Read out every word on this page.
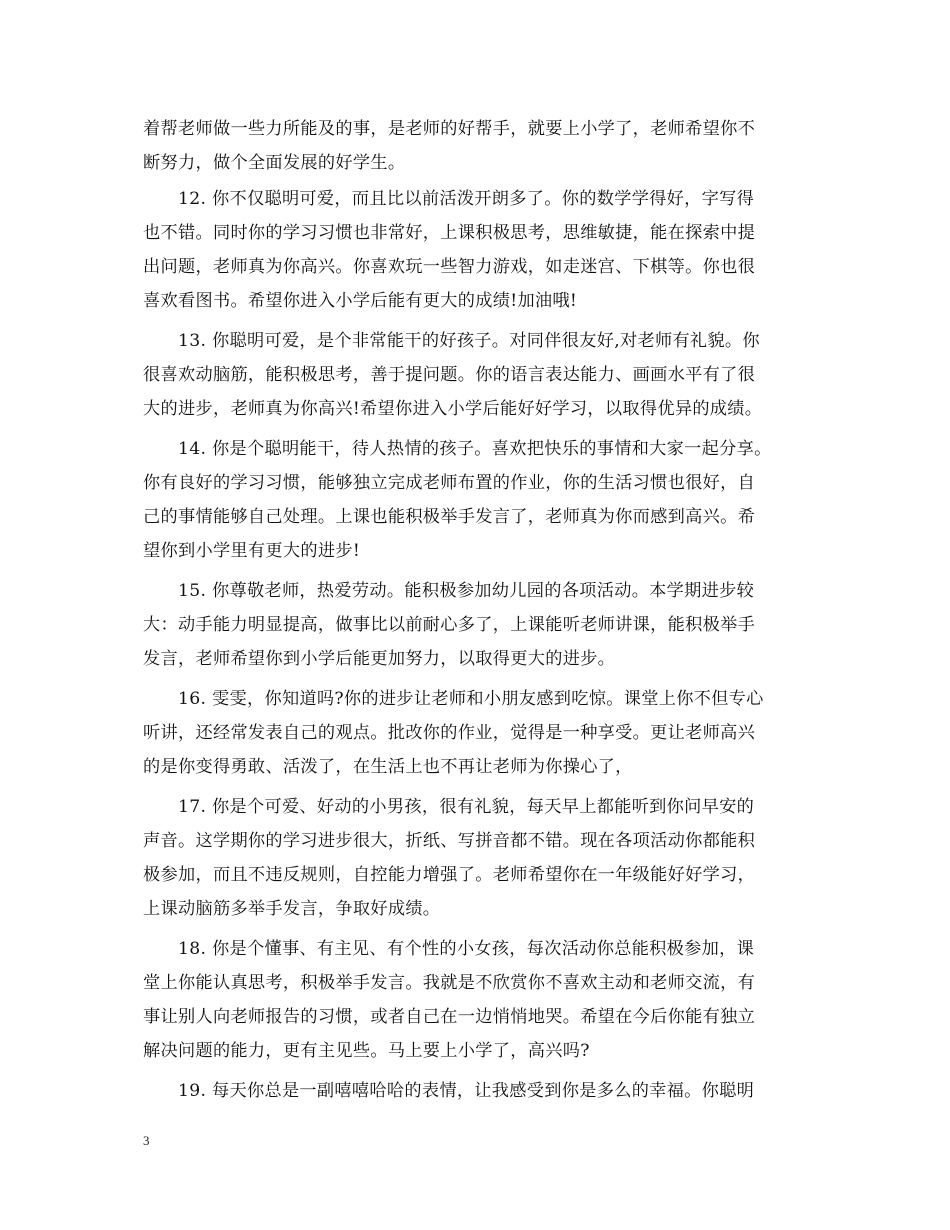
着帮老师做一些力所能及的事，是老师的好帮手，就要上小学了，老师希望你不
断努力，做个全面发展的好学生。
12. 你不仅聪明可爱，而且比以前活泼开朗多了。你的数学学得好，字写得
也不错。同时你的学习习惯也非常好，上课积极思考，思维敏捷，能在探索中提
出问题，老师真为你高兴。你喜欢玩一些智力游戏，如走迷宫、下棋等。你也很
喜欢看图书。希望你进入小学后能有更大的成绩!加油哦!
13. 你聪明可爱，是个非常能干的好孩子。对同伴很友好,对老师有礼貌。你
很喜欢动脑筋，能积极思考，善于提问题。你的语言表达能力、画画水平有了很
大的进步，老师真为你高兴!希望你进入小学后能好好学习，以取得优异的成绩。
14. 你是个聪明能干，待人热情的孩子。喜欢把快乐的事情和大家一起分享。
你有良好的学习习惯，能够独立完成老师布置的作业，你的生活习惯也很好，自
己的事情能够自己处理。上课也能积极举手发言了，老师真为你而感到高兴。希
望你到小学里有更大的进步!
15. 你尊敬老师，热爱劳动。能积极参加幼儿园的各项活动。本学期进步较
大：动手能力明显提高，做事比以前耐心多了，上课能听老师讲课，能积极举手
发言，老师希望你到小学后能更加努力，以取得更大的进步。
16. 雯雯，你知道吗?你的进步让老师和小朋友感到吃惊。课堂上你不但专心
听讲，还经常发表自己的观点。批改你的作业，觉得是一种享受。更让老师高兴
的是你变得勇敢、活泼了，在生活上也不再让老师为你操心了，
17. 你是个可爱、好动的小男孩，很有礼貌，每天早上都能听到你问早安的
声音。这学期你的学习进步很大，折纸、写拼音都不错。现在各项活动你都能积
极参加，而且不违反规则，自控能力增强了。老师希望你在一年级能好好学习，
上课动脑筋多举手发言，争取好成绩。
18. 你是个懂事、有主见、有个性的小女孩，每次活动你总能积极参加，课
堂上你能认真思考，积极举手发言。我就是不欣赏你不喜欢主动和老师交流，有
事让别人向老师报告的习惯，或者自己在一边悄悄地哭。希望在今后你能有独立
解决问题的能力，更有主见些。马上要上小学了，高兴吗?
19. 每天你总是一副嘻嘻哈哈的表情，让我感受到你是多么的幸福。你聪明
3
